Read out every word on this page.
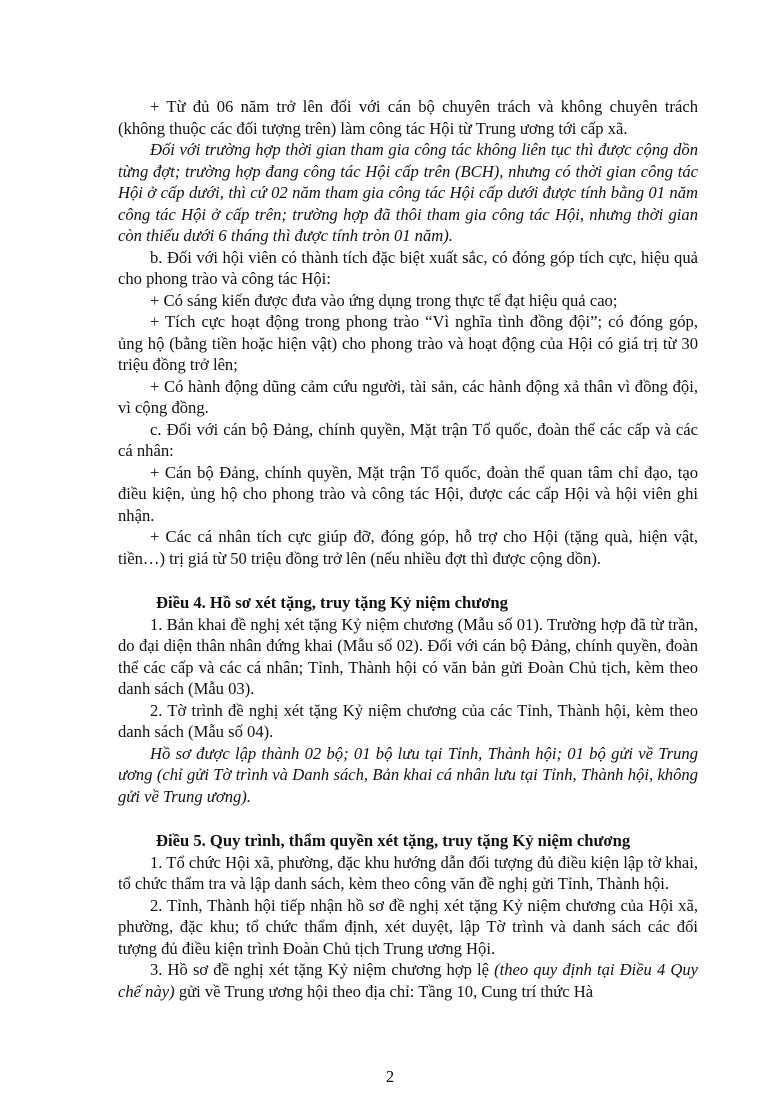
+ Từ đủ 06 năm trở lên đối với cán bộ chuyên trách và không chuyên trách (không thuộc các đối tượng trên) làm công tác Hội từ Trung ương tới cấp xã.

Đối với trường hợp thời gian tham gia công tác không liên tục thì được cộng dồn từng đợt; trường hợp đang công tác Hội cấp trên (BCH), nhưng có thời gian công tác Hội ở cấp dưới, thì cứ 02 năm tham gia công tác Hội cấp dưới được tính bằng 01 năm công tác Hội ở cấp trên; trường hợp đã thôi tham gia công tác Hội, nhưng thời gian còn thiếu dưới 6 tháng thì được tính tròn 01 năm).

b. Đối với hội viên có thành tích đặc biệt xuất sắc, có đóng góp tích cực, hiệu quả cho phong trào và công tác Hội:

+ Có sáng kiến được đưa vào ứng dụng trong thực tế đạt hiệu quả cao;

+ Tích cực hoạt động trong phong trào “Vì nghĩa tình đồng đội”; có đóng góp, ủng hộ (bằng tiền hoặc hiện vật) cho phong trào và hoạt động của Hội có giá trị từ 30 triệu đồng trở lên;

+ Có hành động dũng cảm cứu người, tài sản, các hành động xả thân vì đồng đội, vì cộng đồng.

c. Đối với cán bộ Đảng, chính quyền, Mặt trận Tổ quốc, đoàn thể các cấp và các cá nhân:

+ Cán bộ Đảng, chính quyền, Mặt trận Tổ quốc, đoàn thể quan tâm chỉ đạo, tạo điều kiện, ủng hộ cho phong trào và công tác Hội, được các cấp Hội và hội viên ghi nhận.

+ Các cá nhân tích cực giúp đỡ, đóng góp, hỗ trợ cho Hội (tặng quà, hiện vật, tiền…) trị giá từ 50 triệu đồng trở lên (nếu nhiều đợt thì được cộng dồn).

Điều 4. Hồ sơ xét tặng, truy tặng Kỷ niệm chương

1. Bản khai đề nghị xét tặng Kỷ niệm chương (Mẫu số 01). Trường hợp đã từ trần, do đại diện thân nhân đứng khai (Mẫu số 02). Đối với cán bộ Đảng, chính quyền, đoàn thể các cấp và các cá nhân; Tỉnh, Thành hội có văn bản gửi Đoàn Chủ tịch, kèm theo danh sách (Mẫu 03).

2. Tờ trình đề nghị xét tặng Kỷ niệm chương của các Tỉnh, Thành hội, kèm theo danh sách (Mẫu số 04).

Hồ sơ được lập thành 02 bộ; 01 bộ lưu tại Tỉnh, Thành hội; 01 bộ gửi về Trung ương (chỉ gửi Tờ trình và Danh sách, Bản khai cá nhân lưu tại Tỉnh, Thành hội, không gửi về Trung ương).

Điều 5. Quy trình, thẩm quyền xét tặng, truy tặng Kỷ niệm chương

1. Tổ chức Hội xã, phường, đặc khu hướng dẫn đối tượng đủ điều kiện lập tờ khai, tổ chức thẩm tra và lập danh sách, kèm theo công văn đề nghị gửi Tỉnh, Thành hội.

2. Tỉnh, Thành hội tiếp nhận hồ sơ đề nghị xét tặng Kỷ niệm chương của Hội xã, phường, đặc khu; tổ chức thẩm định, xét duyệt, lập Tờ trình và danh sách các đối tượng đủ điều kiện trình Đoàn Chủ tịch Trung ương Hội.

3. Hồ sơ đề nghị xét tặng Kỷ niệm chương hợp lệ (theo quy định tại Điều 4 Quy chế này) gửi về Trung ương hội theo địa chỉ: Tầng 10, Cung trí thức Hà

2
